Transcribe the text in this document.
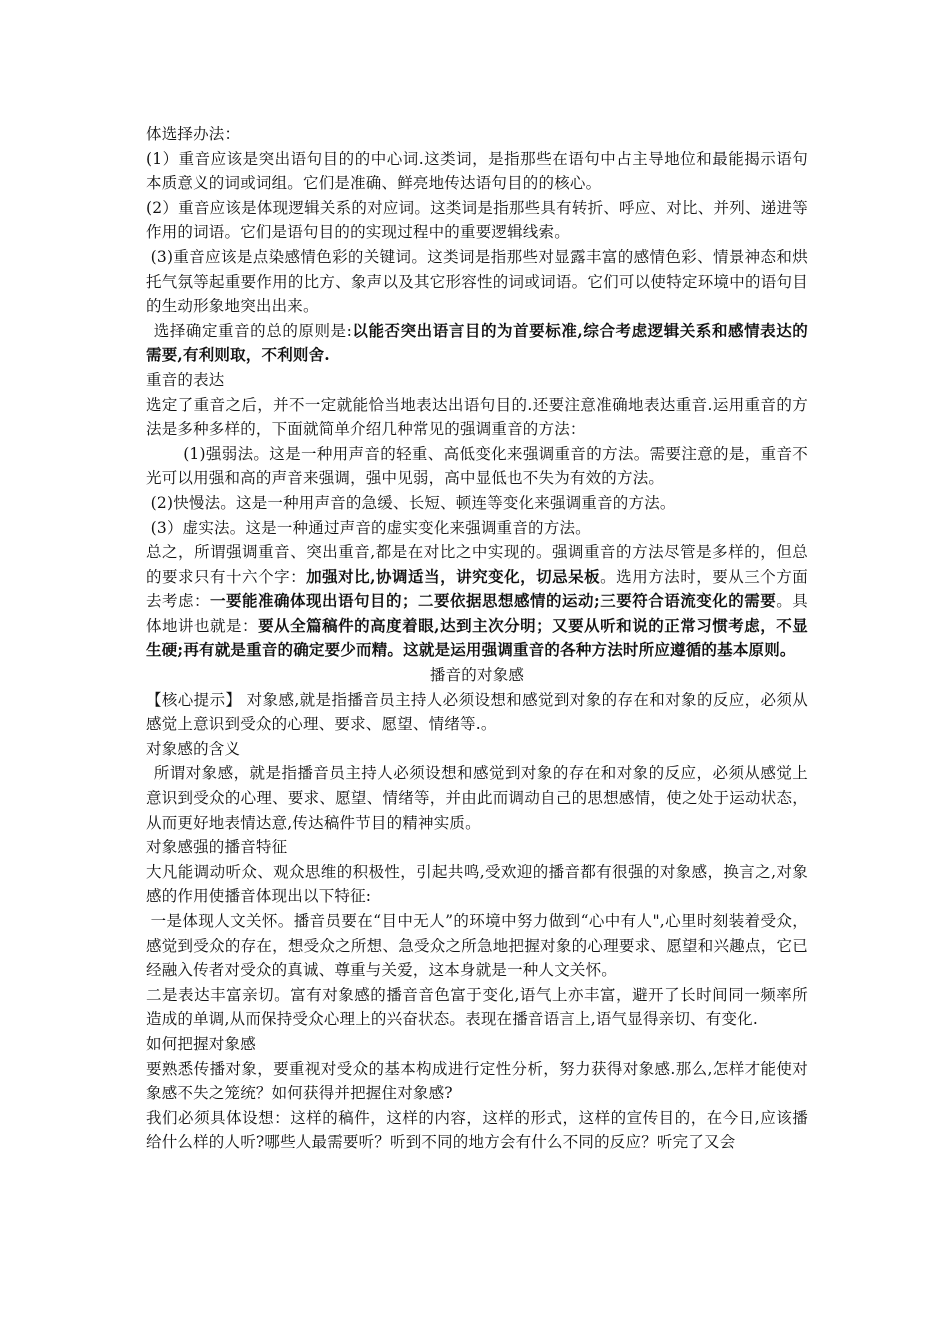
体选择办法：

(1）重音应该是突出语句目的的中心词.这类词，是指那些在语句中占主导地位和最能揭示语句本质意义的词或词组。它们是准确、鲜亮地传达语句目的的核心。

(2）重音应该是体现逻辑关系的对应词。这类词是指那些具有转折、呼应、对比、并列、递进等作用的词语。它们是语句目的的实现过程中的重要逻辑线索。

(3)重音应该是点染感情色彩的关键词。这类词是指那些对显露丰富的感情色彩、情景神态和烘托气氛等起重要作用的比方、象声以及其它形容性的词或词语。它们可以使特定环境中的语句目的生动形象地突出出来。

选择确定重音的总的原则是:以能否突出语言目的为首要标准,综合考虑逻辑关系和感情表达的需要,有利则取，不利则舍.

重音的表达

选定了重音之后，并不一定就能恰当地表达出语句目的.还要注意准确地表达重音.运用重音的方法是多种多样的，下面就简单介绍几种常见的强调重音的方法：

(1)强弱法。这是一种用声音的轻重、高低变化来强调重音的方法。需要注意的是，重音不光可以用强和高的声音来强调，强中见弱，高中显低也不失为有效的方法。

(2)快慢法。这是一种用声音的急缓、长短、顿连等变化来强调重音的方法。

(3）虚实法。这是一种通过声音的虚实变化来强调重音的方法。

总之，所谓强调重音、突出重音,都是在对比之中实现的。强调重音的方法尽管是多样的，但总的要求只有十六个字：加强对比,协调适当，讲究变化，切忌呆板。选用方法时，要从三个方面去考虑：一要能准确体现出语句目的；二要依据思想感情的运动;三要符合语流变化的需要。具体地讲也就是：要从全篇稿件的高度着眼,达到主次分明；又要从听和说的正常习惯考虑，不显生硬;再有就是重音的确定要少而精。这就是运用强调重音的各种方法时所应遵循的基本原则。

播音的对象感

【核心提示】 对象感,就是指播音员主持人必须设想和感觉到对象的存在和对象的反应，必须从感觉上意识到受众的心理、要求、愿望、情绪等.。

对象感的含义

所谓对象感，就是指播音员主持人必须设想和感觉到对象的存在和对象的反应，必须从感觉上意识到受众的心理、要求、愿望、情绪等，并由此而调动自己的思想感情，使之处于运动状态，从而更好地表情达意,传达稿件节目的精神实质。

对象感强的播音特征

大凡能调动听众、观众思维的积极性，引起共鸣,受欢迎的播音都有很强的对象感，换言之,对象感的作用使播音体现出以下特征:

一是体现人文关怀。播音员要在“目中无人”的环境中努力做到“心中有人",心里时刻装着受众，感觉到受众的存在，想受众之所想、急受众之所急地把握对象的心理要求、愿望和兴趣点，它已经融入传者对受众的真诚、尊重与关爱，这本身就是一种人文关怀。

二是表达丰富亲切。富有对象感的播音音色富于变化,语气上亦丰富，避开了长时间同一频率所造成的单调,从而保持受众心理上的兴奋状态。表现在播音语言上,语气显得亲切、有变化.

如何把握对象感

要熟悉传播对象，要重视对受众的基本构成进行定性分析，努力获得对象感.那么,怎样才能使对象感不失之笼统？如何获得并把握住对象感?

我们必须具体设想：这样的稿件，这样的内容，这样的形式，这样的宣传目的，在今日,应该播给什么样的人听?哪些人最需要听？听到不同的地方会有什么不同的反应？听完了又会
